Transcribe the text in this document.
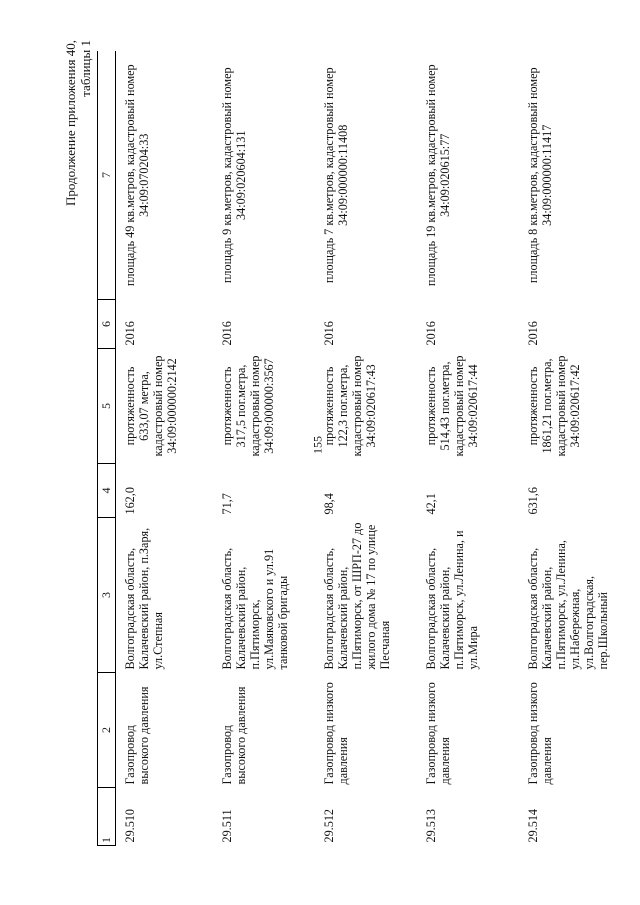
155
Продолжение приложения 40, таблицы 1
1	2	3	4	5	6	7
29.510	Газопровод высокого давления	Волгоградская область, Калачевский район, п.Заря, ул.Степная	162,0	протяженность 633,07 метра, кадастровый номер 34:09:000000:2142	2016	площадь 49 кв.метров, кадастровый номер 34:09:070204:33
29.511	Газопровод высокого давления	Волгоградская область, Калачевский район, п.Пятиморск, ул.Маяковского и ул.91 танковой бригады	71,7	протяженность 317,5 пог.метра, кадастровый номер 34:09:000000:3567	2016	площадь 9 кв.метров, кадастровый номер 34:09:020604:131
29.512	Газопровод низкого давления	Волгоградская область, Калачевский район, п.Пятиморск, от ШРП-27 до жилого дома № 17 по улице Песчаная	98,4	протяженность 122,3 пог.метра, кадастровый номер 34:09:020617:43	2016	площадь 7 кв.метров, кадастровый номер 34:09:000000:11408
29.513	Газопровод низкого давления	Волгоградская область, Калачевский район, п.Пятиморск, ул.Ленина, и ул.Мира	42,1	протяженность 514,43 пог.метра, кадастровый номер 34:09:020617:44	2016	площадь 19 кв.метров, кадастровый номер 34:09:020615:77
29.514	Газопровод низкого давления	Волгоградская область, Калачевский район, п.Пятиморск, ул.Ленина, ул.Набережная, ул.Волгоградская, пер.Школьный	631,6	протяженность 1861,21 пог.метра, кадастровый номер 34:09:020617:42	2016	площадь 8 кв.метров, кадастровый номер 34:09:000000:11417
